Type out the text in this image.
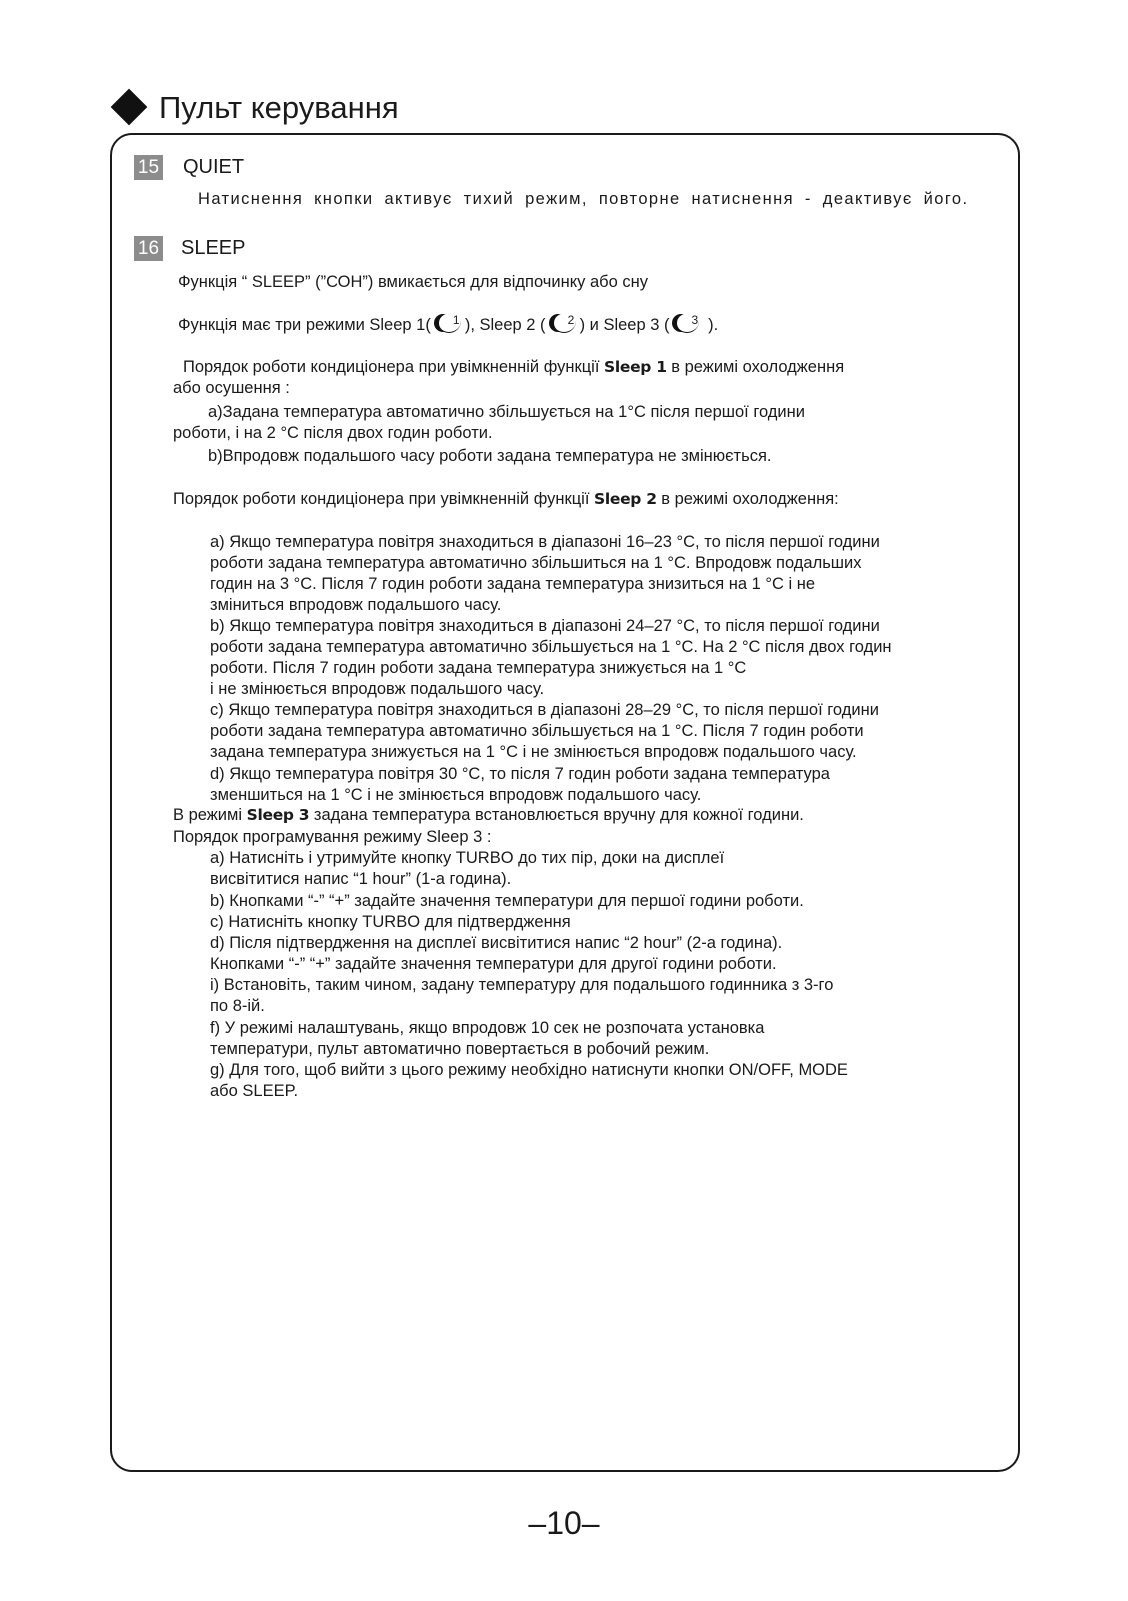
Пульт керування
15 QUIET
Натиснення кнопки активує тихий режим, повторне натиснення - деактивує його.
16 SLEEP
Функція “ SLEEP” (”СОН”) вмикається для відпочинку або сну
Функція має три режими Sleep 1( 1 ), Sleep 2 ( 2 ) и Sleep 3 ( 3 ).
Порядок роботи кондиціонера при увімкненній функції Sleep 1 в режимі охолодження
або осушення :
a)Задана температура автоматично збільшується на 1°C після першої години
роботи, і на 2 °C після двох годин роботи.
b)Впродовж подальшого часу роботи задана температура не змінюється.
Порядок роботи кондиціонера при увімкненній функції Sleep 2 в режимі охолодження:
a) Якщо температура повітря знаходиться в діапазоні 16–23 °C, то після першої години
роботи задана температура автоматично збільшиться на 1 °C. Впродовж подальших
годин на 3 °C. Після 7 годин роботи задана температура знизиться на 1 °C і не
зміниться впродовж подальшого часу.
b) Якщо температура повітря знаходиться в діапазоні 24–27 °C, то після першої години
роботи задана температура автоматично збільшується на 1 °C. На 2 °C після двох годин
роботи. Після 7 годин роботи задана температура знижується на 1 °C
і не змінюється впродовж подальшого часу.
c) Якщо температура повітря знаходиться в діапазоні 28–29 °C, то після першої години
роботи задана температура автоматично збільшується на 1 °C. Після 7 годин роботи
задана температура знижується на 1 °C і не змінюється впродовж подальшого часу.
d) Якщо температура повітря 30 °C, то після 7 годин роботи задана температура
зменшиться на 1 °C і не змінюється впродовж подальшого часу.
В режимі Sleep 3 задана температура встановлюється вручну для кожної години.
Порядок програмування режиму Sleep 3 :
a) Натисніть і утримуйте кнопку TURBO до тих пір, доки на дисплеї
висвітитися напис “1 hour” (1-а година).
b) Кнопками “-” “+” задайте значення температури для першої години роботи.
c) Натисніть кнопку TURBO для підтвердження
d) Після підтвердження на дисплеї висвітитися напис “2 hour” (2-а година).
Кнопками “-” “+” задайте значення температури для другої години роботи.
i) Встановіть, таким чином, задану температуру для подальшого годинника з 3-го
по 8-ій.
f) У режимі налаштувань, якщо впродовж 10 сек не розпочата установка
температури, пульт автоматично повертається в робочий режим.
g) Для того, щоб вийти з цього режиму необхідно натиснути кнопки ON/OFF, MODE
або SLEEP.
–10–
